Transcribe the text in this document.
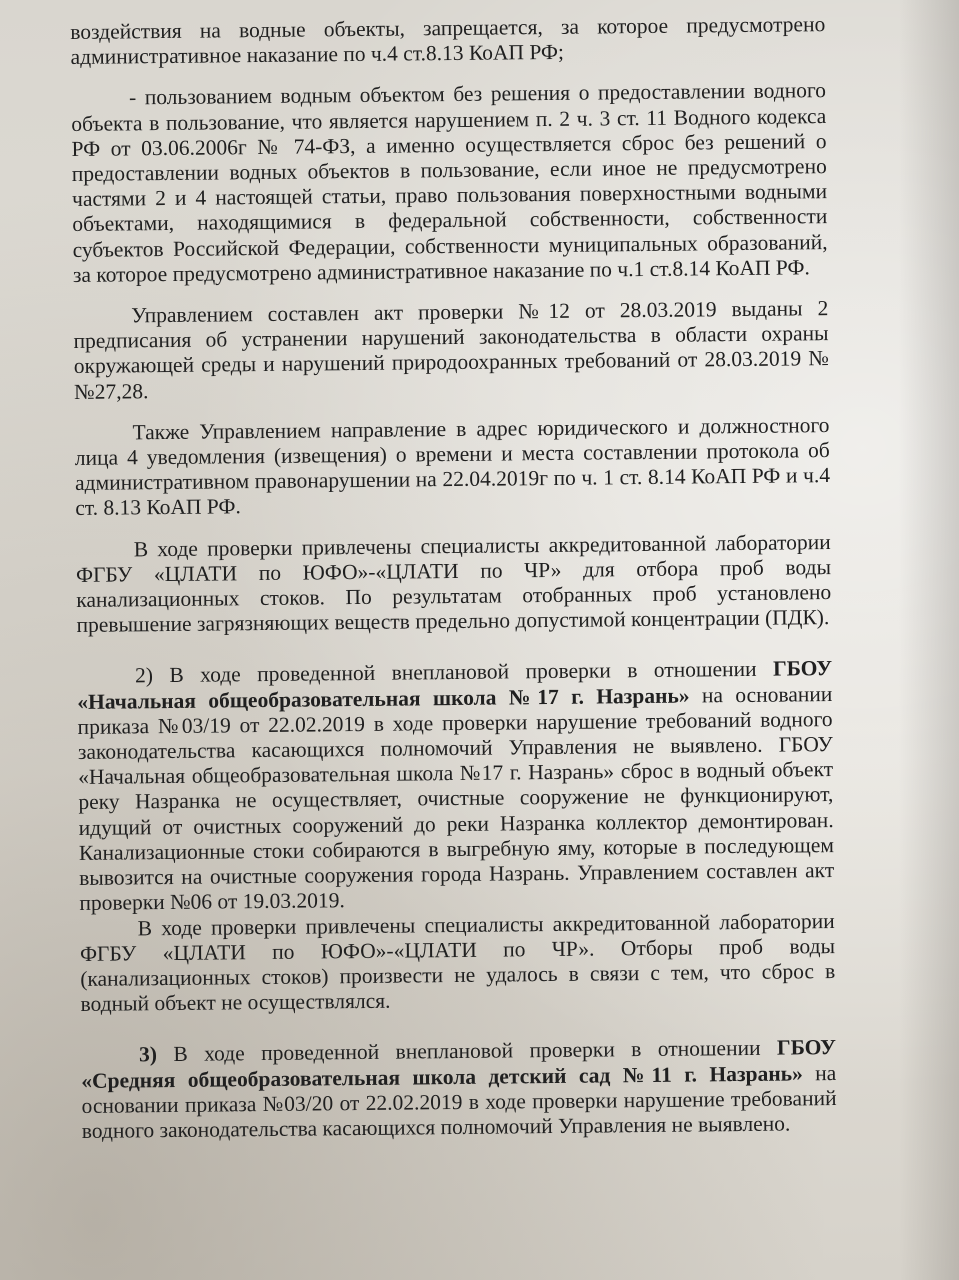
воздействия на водные объекты, запрещается, за которое предусмотрено административное наказание по ч.4 ст.8.13 КоАП РФ;

- пользованием водным объектом без решения о предоставлении водного объекта в пользование, что является нарушением п. 2 ч. 3 ст. 11 Водного кодекса РФ от 03.06.2006г № 74-ФЗ, а именно осуществляется сброс без решений о предоставлении водных объектов в пользование, если иное не предусмотрено частями 2 и 4 настоящей статьи, право пользования поверхностными водными объектами, находящимися в федеральной собственности, собственности субъектов Российской Федерации, собственности муниципальных образований, за которое предусмотрено административное наказание по ч.1 ст.8.14 КоАП РФ.

Управлением составлен акт проверки №12 от 28.03.2019 выданы 2 предписания об устранении нарушений законодательства в области охраны окружающей среды и нарушений природоохранных требований от 28.03.2019 №№27,28.

Также Управлением направление в адрес юридического и должностного лица 4 уведомления (извещения) о времени и места составлении протокола об административном правонарушении на 22.04.2019г по ч. 1 ст. 8.14 КоАП РФ и ч.4 ст. 8.13 КоАП РФ.

В ходе проверки привлечены специалисты аккредитованной лаборатории ФГБУ «ЦЛАТИ по ЮФО»-«ЦЛАТИ по ЧР» для отбора проб воды канализационных стоков. По результатам отобранных проб установлено превышение загрязняющих веществ предельно допустимой концентрации (ПДК).

2) В ходе проведенной внеплановой проверки в отношении ГБОУ «Начальная общеобразовательная школа №17 г. Назрань» на основании приказа №03/19 от 22.02.2019 в ходе проверки нарушение требований водного законодательства касающихся полномочий Управления не выявлено. ГБОУ «Начальная общеобразовательная школа №17 г. Назрань» сброс в водный объект реку Назранка не осуществляет, очистные сооружение не функционируют, идущий от очистных сооружений до реки Назранка коллектор демонтирован. Канализационные стоки собираются в выгребную яму, которые в последующем вывозится на очистные сооружения города Назрань. Управлением составлен акт проверки №06 от 19.03.2019.

В ходе проверки привлечены специалисты аккредитованной лаборатории ФГБУ «ЦЛАТИ по ЮФО»-«ЦЛАТИ по ЧР». Отборы проб воды (канализационных стоков) произвести не удалось в связи с тем, что сброс в водный объект не осуществлялся.

3) В ходе проведенной внеплановой проверки в отношении ГБОУ «Средняя общеобразовательная школа детский сад №11 г. Назрань» на основании приказа №03/20 от 22.02.2019 в ходе проверки нарушение требований водного законодательства касающихся полномочий Управления не выявлено.
